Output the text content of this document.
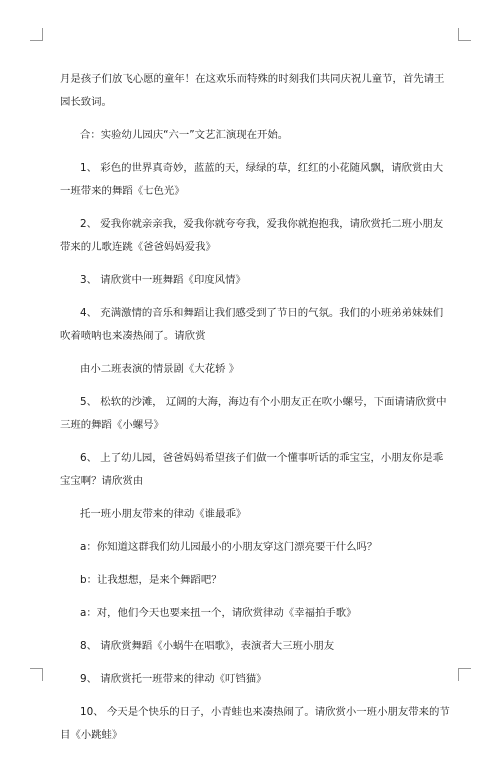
月是孩子们放飞心愿的童年！在这欢乐而特殊的时刻我们共同庆祝儿童节，首先请王

园长致词。

合：实验幼儿园庆“六一”文艺汇演现在开始。

1、 彩色的世界真奇妙，蓝蓝的天，绿绿的草，红红的小花随风飘，请欣赏由大

一班带来的舞蹈《七色光》

2、 爱我你就亲亲我，爱我你就夸夸我，爱我你就抱抱我，请欣赏托二班小朋友

带来的儿歌连跳《爸爸妈妈爱我》

3、 请欣赏中一班舞蹈《印度风情》

4、 充满激情的音乐和舞蹈让我们感受到了节日的气氛。我们的小班弟弟妹妹们

吹着喷呐也来凑热闹了。请欣赏

由小二班表演的情景剧《大花轿 》

5、 松软的沙滩， 辽阔的大海，海边有个小朋友正在吹小螺号，下面请请欣赏中

三班的舞蹈《小螺号》

6、 上了幼儿园，爸爸妈妈希望孩子们做一个懂事听话的乖宝宝，小朋友你是乖

宝宝啊？请欣赏由

托一班小朋友带来的律动《谁最乖》

a：你知道这群我们幼儿园最小的小朋友穿这门漂亮要干什么吗？

b：让我想想，是来个舞蹈吧？

a：对，他们今天也要来扭一个，请欣赏律动《幸福拍手歌》

8、 请欣赏舞蹈《小蜗牛在唱歌》，表演者大三班小朋友

9、 请欣赏托一班带来的律动《叮铛猫》

10、 今天是个快乐的日子，小青蛙也来凑热闹了。请欣赏小一班小朋友带来的节

目《小跳蛙》
